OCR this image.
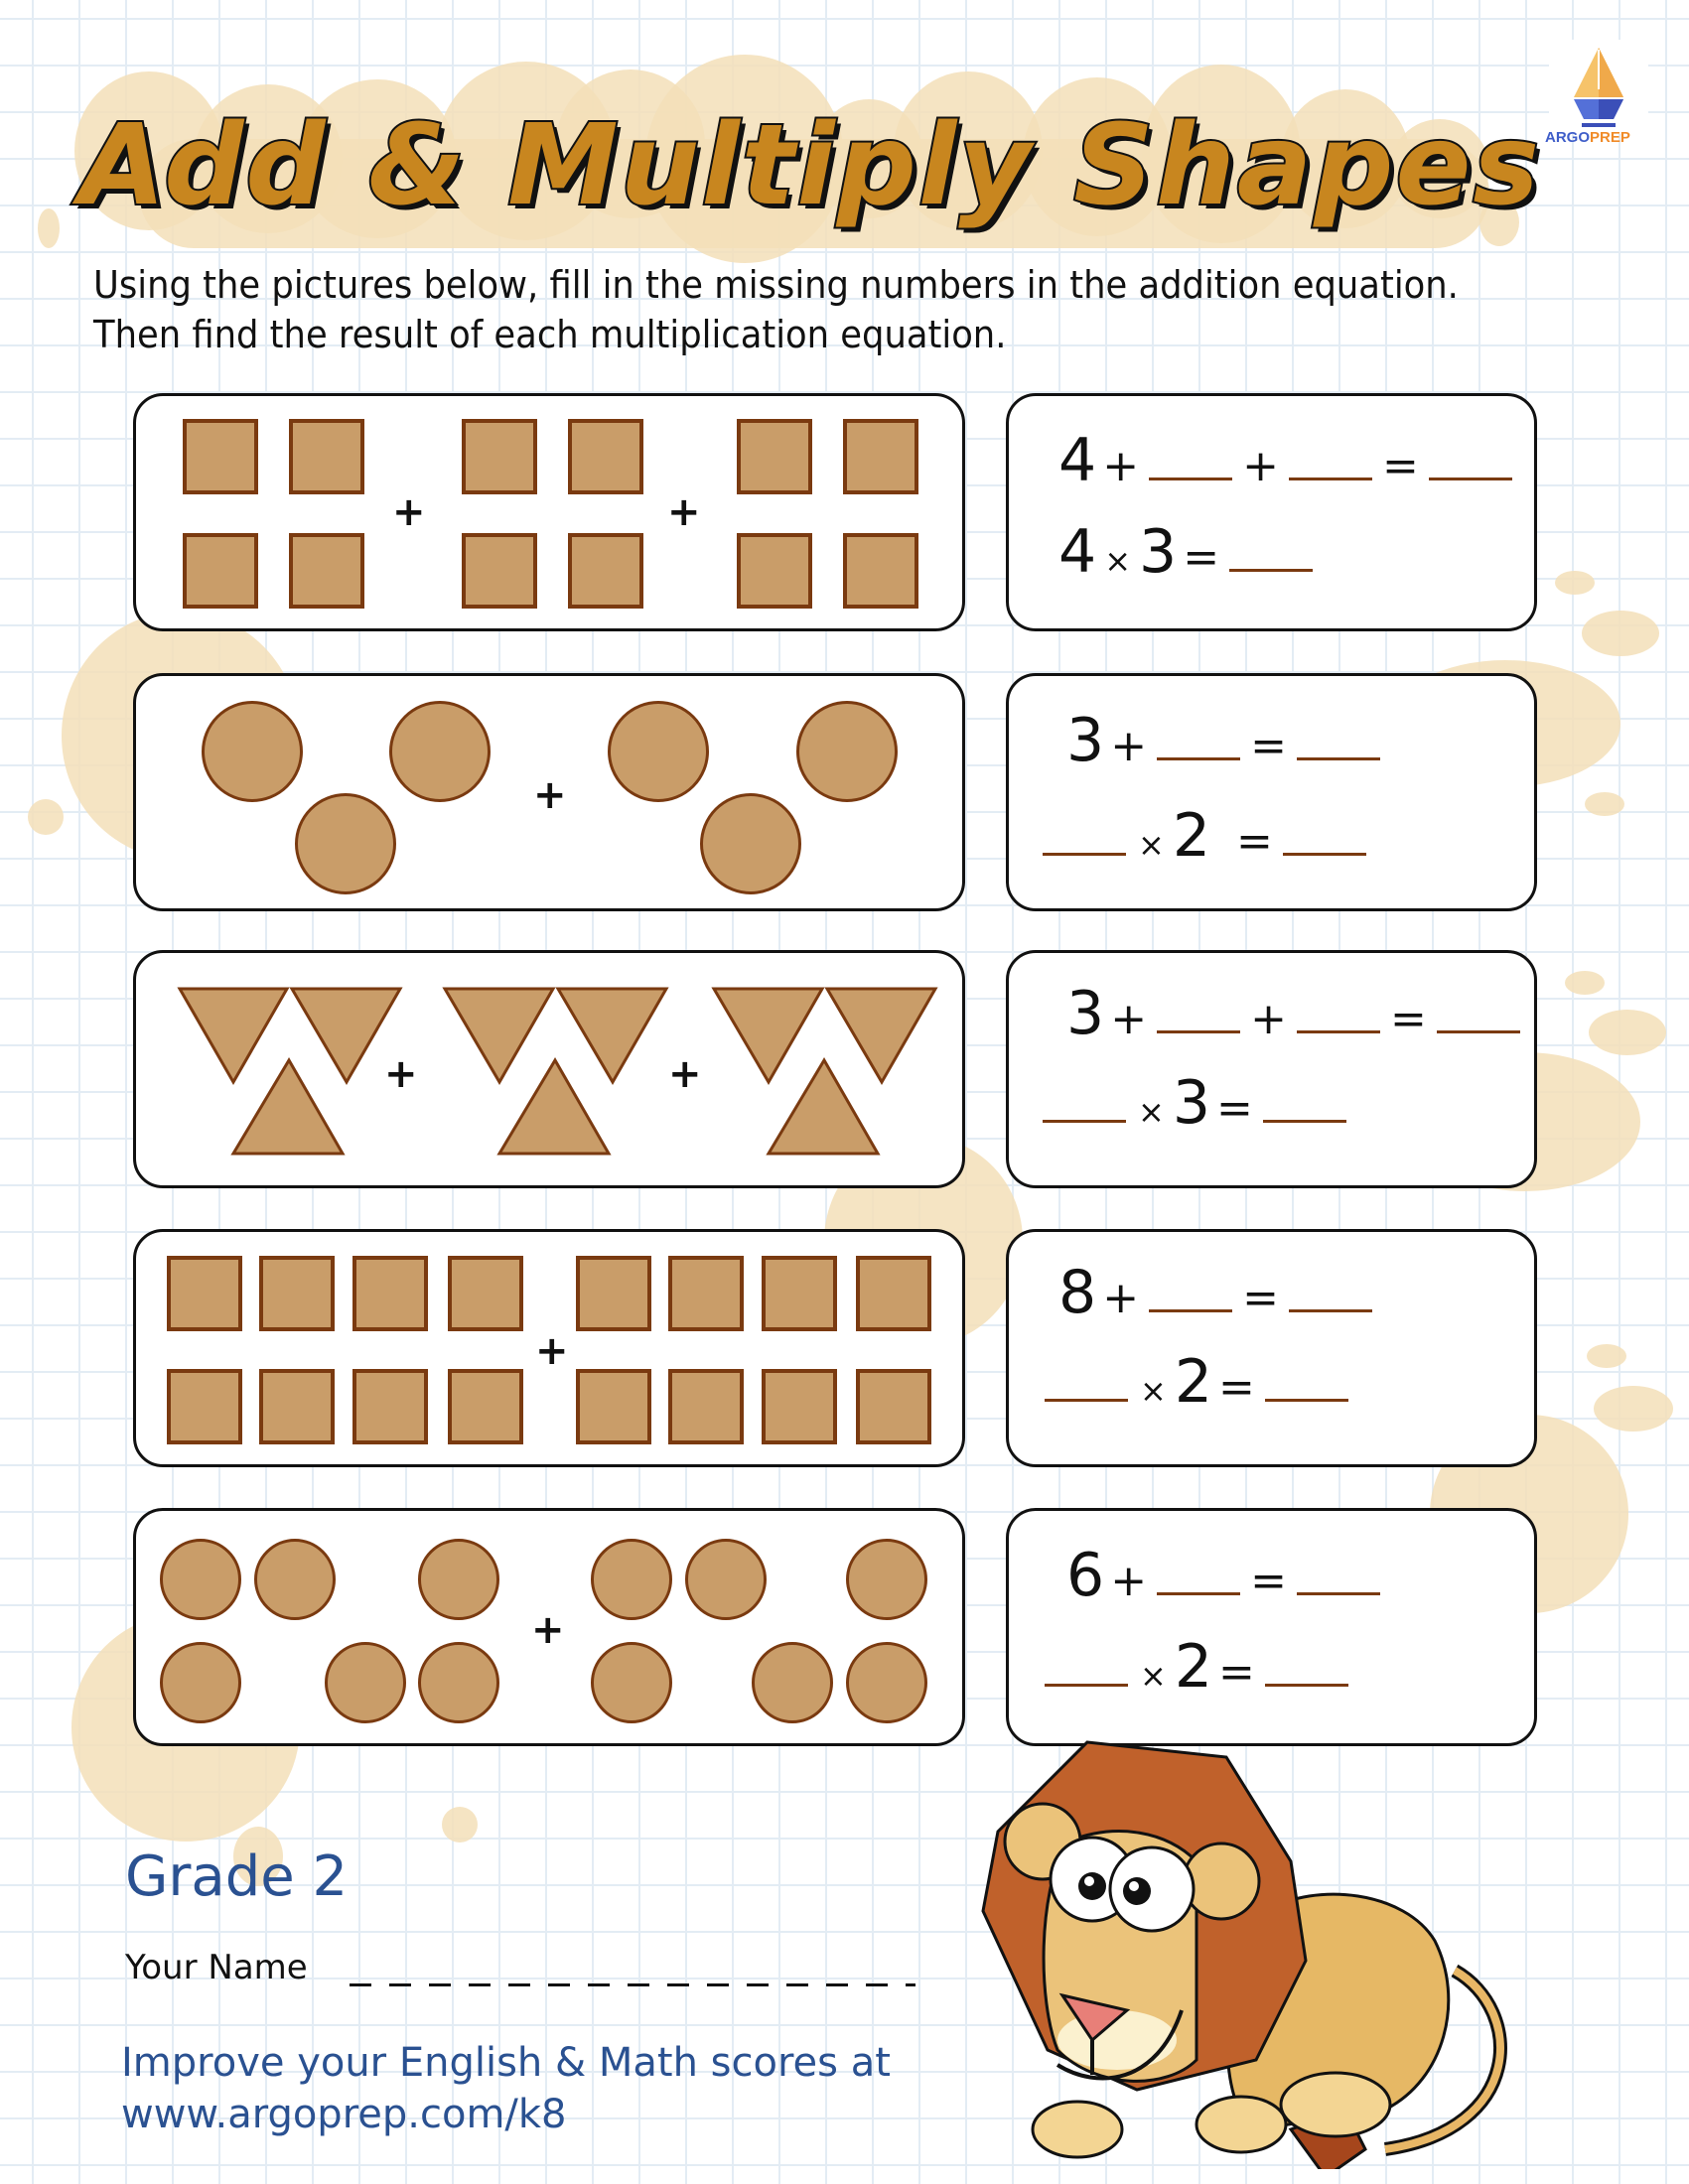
Add & Multiply Shapes ARGOPREP
Using the pictures below, fill in the missing numbers in the addition equation.
Then find the result of each multiplication equation.
+	+
4 + + =
4 × 3 =
+
3 + =
× 2 =
+	+
3 + + =
× 3 =
+
8 + =
× 2 =
+
6 + =
× 2 =
Grade 2
Your Name
Improve your English & Math scores at
www.argoprep.com/k8
